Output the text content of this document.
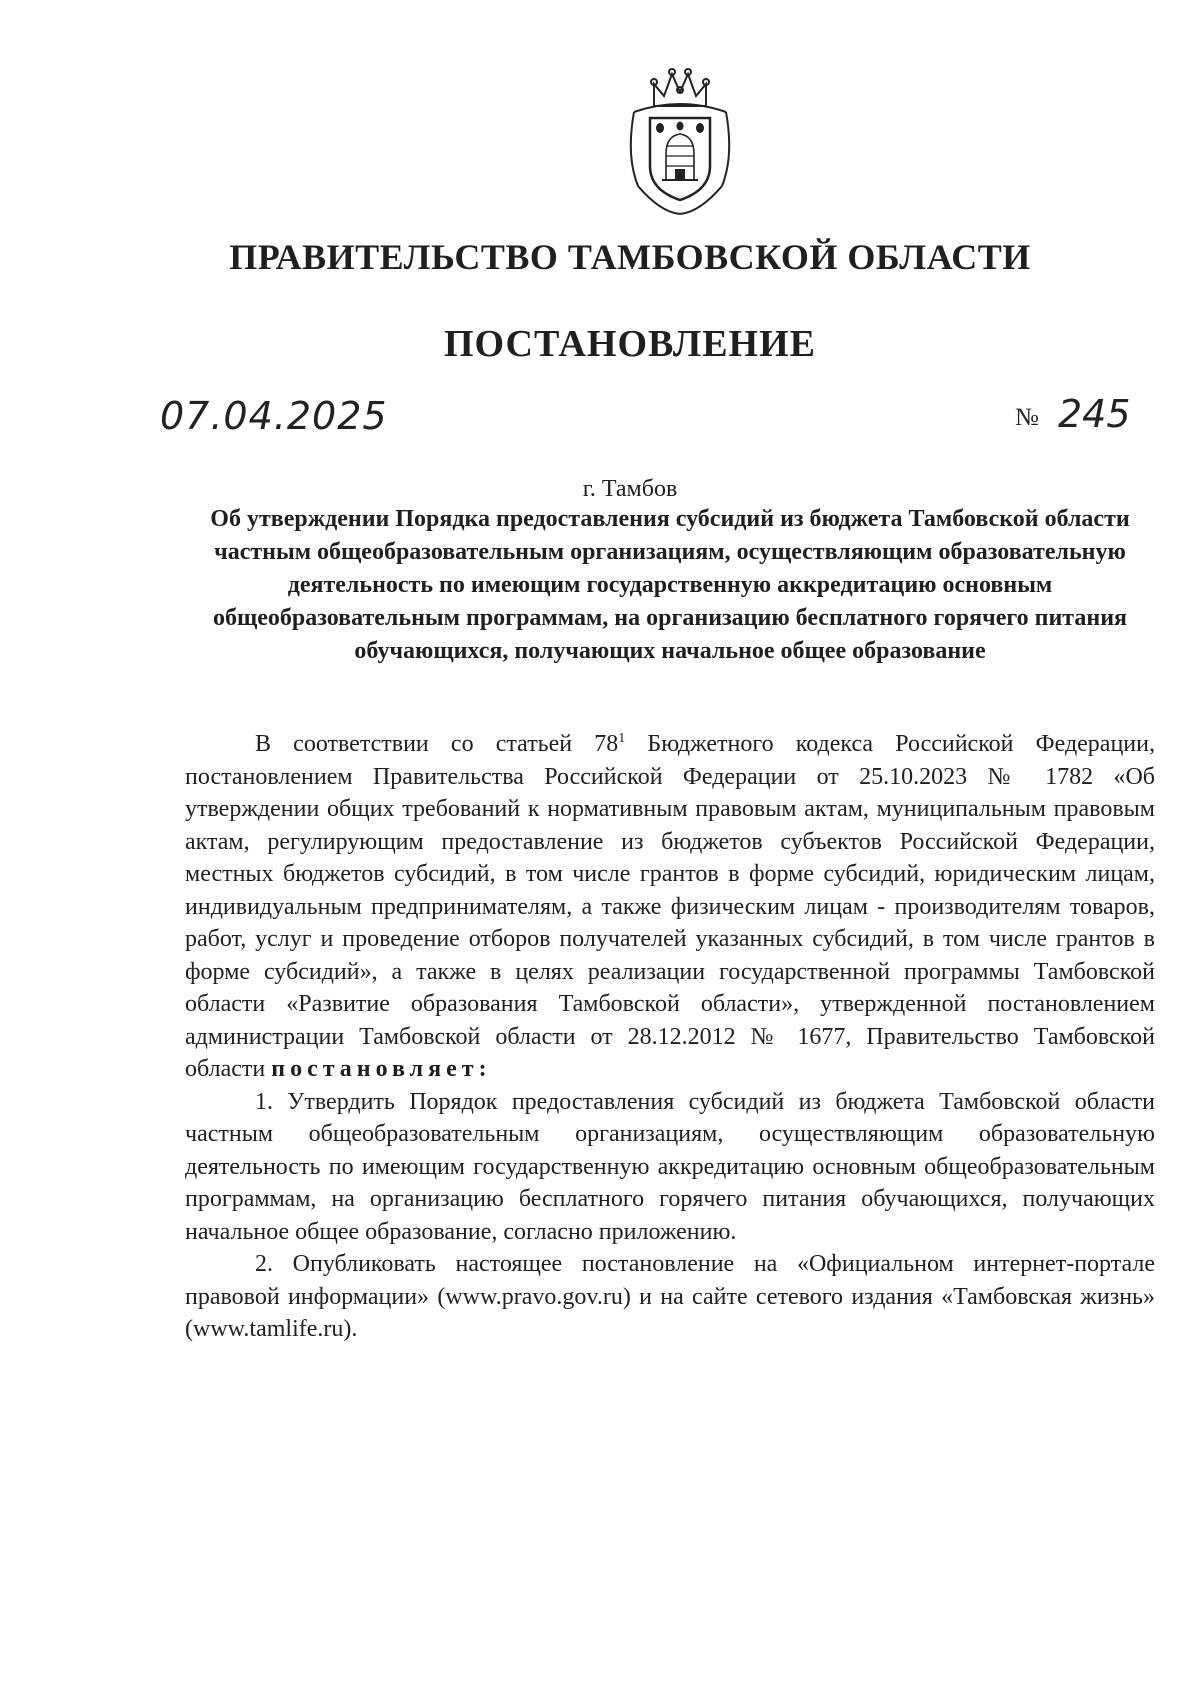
ПРАВИТЕЛЬСТВО ТАМБОВСКОЙ ОБЛАСТИ
ПОСТАНОВЛЕНИЕ
07.04.2025	№ 245
г. Тамбов
Об утверждении Порядка предоставления субсидий из бюджета Тамбовской области частным общеобразовательным организациям, осуществляющим образовательную деятельность по имеющим государственную аккредитацию основным общеобразовательным программам, на организацию бесплатного горячего питания обучающихся, получающих начальное общее образование

В соответствии со статьей $78^1$ Бюджетного кодекса Российской Федерации, постановлением Правительства Российской Федерации от 25.10.2023 № 1782 «Об утверждении общих требований к нормативным правовым актам, муниципальным правовым актам, регулирующим предоставление из бюджетов субъектов Российской Федерации, местных бюджетов субсидий, в том числе грантов в форме субсидий, юридическим лицам, индивидуальным предпринимателям, а также физическим лицам - производителям товаров, работ, услуг и проведение отборов получателей указанных субсидий, в том числе грантов в форме субсидий», а также в целях реализации государственной программы Тамбовской области «Развитие образования Тамбовской области», утвержденной постановлением администрации Тамбовской области от 28.12.2012 № 1677, Правительство Тамбовской области постановляет:

1. Утвердить Порядок предоставления субсидий из бюджета Тамбовской области частным общеобразовательным организациям, осуществляющим образовательную деятельность по имеющим государственную аккредитацию основным общеобразовательным программам, на организацию бесплатного горячего питания обучающихся, получающих начальное общее образование, согласно приложению.

2. Опубликовать настоящее постановление на «Официальном интернет-портале правовой информации» (www.pravo.gov.ru) и на сайте сетевого издания «Тамбовская жизнь» (www.tamlife.ru).
